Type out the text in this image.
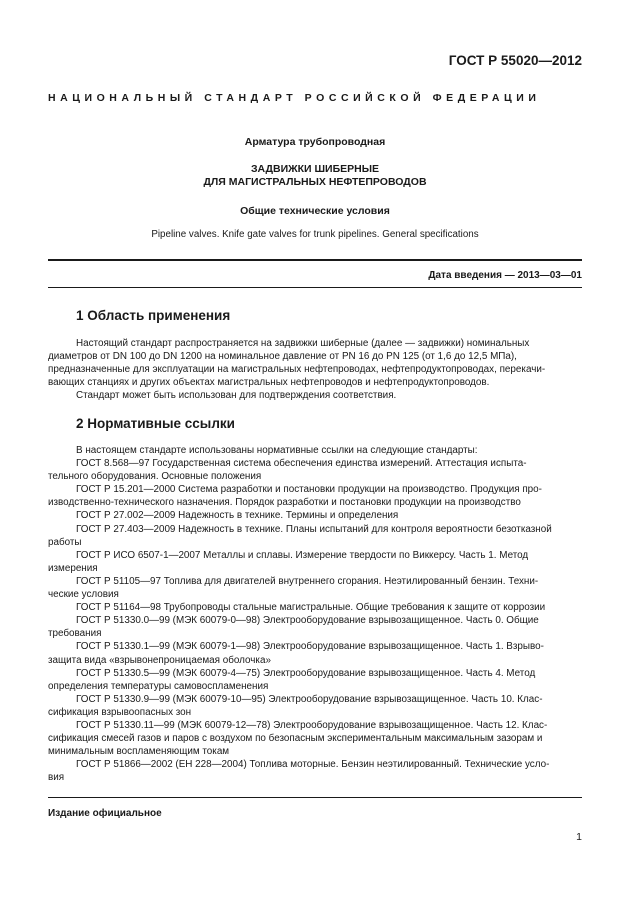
ГОСТ Р 55020—2012
НАЦИОНАЛЬНЫЙ СТАНДАРТ РОССИЙСКОЙ ФЕДЕРАЦИИ
Арматура трубопроводная
ЗАДВИЖКИ ШИБЕРНЫЕ
ДЛЯ МАГИСТРАЛЬНЫХ НЕФТЕПРОВОДОВ
Общие технические условия
Pipeline valves. Knife gate valves for trunk pipelines. General specifications
Дата введения — 2013—03—01
1 Область применения

Настоящий стандарт распространяется на задвижки шиберные (далее — задвижки) номинальных

диаметров от DN 100 до DN 1200 на номинальное давление от PN 16 до PN 125 (от 1,6 до 12,5 МПа),

предназначенные для эксплуатации на магистральных нефтепроводах, нефтепродуктопроводах, перекачи-

вающих станциях и других объектах магистральных нефтепроводов и нефтепродуктопроводов.

Стандарт может быть использован для подтверждения соответствия.

2 Нормативные ссылки

В настоящем стандарте использованы нормативные ссылки на следующие стандарты:

ГОСТ 8.568—97 Государственная система обеспечения единства измерений. Аттестация испыта-

тельного оборудования. Основные положения

ГОСТ Р 15.201—2000 Система разработки и постановки продукции на производство. Продукция про-

изводственно-технического назначения. Порядок разработки и постановки продукции на производство

ГОСТ Р 27.002—2009 Надежность в технике. Термины и определения

ГОСТ Р 27.403—2009 Надежность в технике. Планы испытаний для контроля вероятности безотказной

работы

ГОСТ Р ИСО 6507-1—2007 Металлы и сплавы. Измерение твердости по Виккерсу. Часть 1. Метод

измерения

ГОСТ Р 51105—97 Топлива для двигателей внутреннего сгорания. Неэтилированный бензин. Техни-

ческие условия

ГОСТ Р 51164—98 Трубопроводы стальные магистральные. Общие требования к защите от коррозии

ГОСТ Р 51330.0—99 (МЭК 60079-0—98) Электрооборудование взрывозащищенное. Часть 0. Общие

требования

ГОСТ Р 51330.1—99 (МЭК 60079-1—98) Электрооборудование взрывозащищенное. Часть 1. Взрыво-

защита вида «взрывонепроницаемая оболочка»

ГОСТ Р 51330.5—99 (МЭК 60079-4—75) Электрооборудование взрывозащищенное. Часть 4. Метод

определения температуры самовоспламенения

ГОСТ Р 51330.9—99 (МЭК 60079-10—95) Электрооборудование взрывозащищенное. Часть 10. Клас-

сификация взрывоопасных зон

ГОСТ Р 51330.11—99 (МЭК 60079-12—78) Электрооборудование взрывозащищенное. Часть 12. Клас-

сификация смесей газов и паров с воздухом по безопасным экспериментальным максимальным зазорам и

минимальным воспламеняющим токам

ГОСТ Р 51866—2002 (ЕН 228—2004) Топлива моторные. Бензин неэтилированный. Технические усло-

вия

Издание официальное
1
